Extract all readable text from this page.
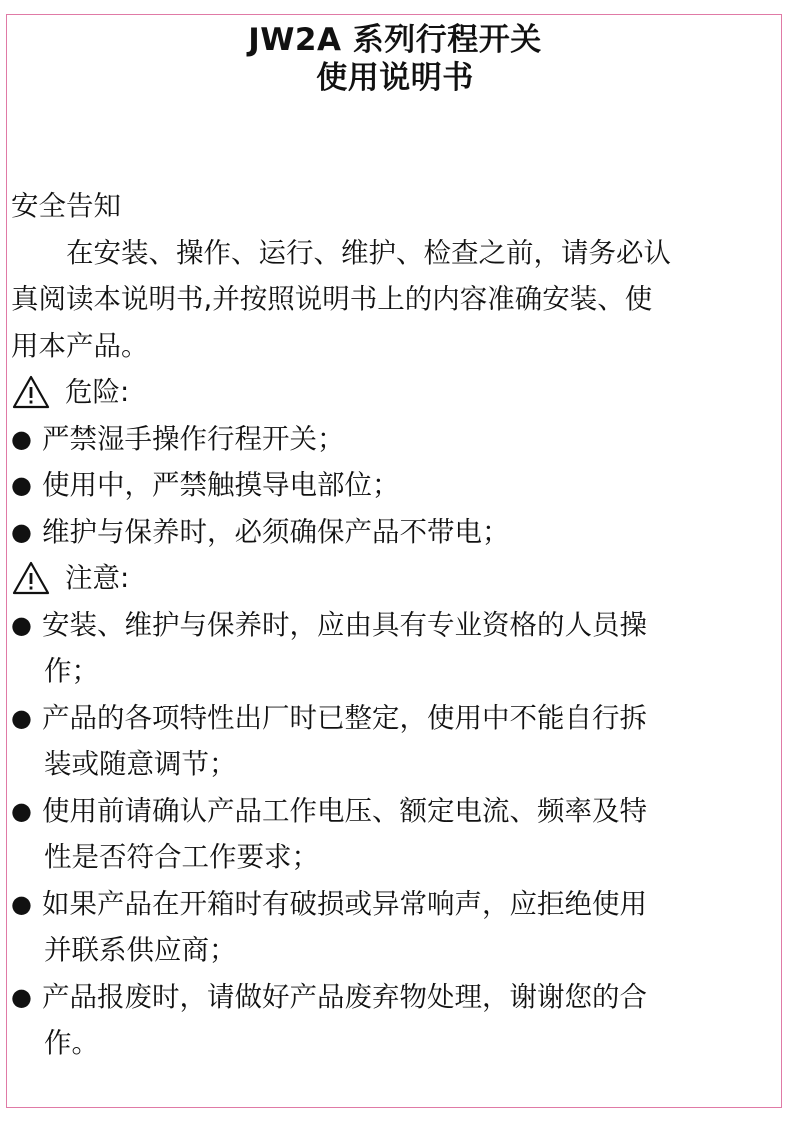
JW2A 系列行程开关
使用说明书
安全告知
在安装、操作、运行、维护、检查之前，请务必认
真阅读本说明书,并按照说明书上的内容准确安装、使
用本产品。
危险:
● 严禁湿手操作行程开关；
● 使用中，严禁触摸导电部位；
● 维护与保养时，必须确保产品不带电；
注意:
● 安装、维护与保养时，应由具有专业资格的人员操
作；
● 产品的各项特性出厂时已整定，使用中不能自行拆
装或随意调节；
● 使用前请确认产品工作电压、额定电流、频率及特
性是否符合工作要求；
● 如果产品在开箱时有破损或异常响声，应拒绝使用
并联系供应商；
● 产品报废时，请做好产品废弃物处理，谢谢您的合
作。
